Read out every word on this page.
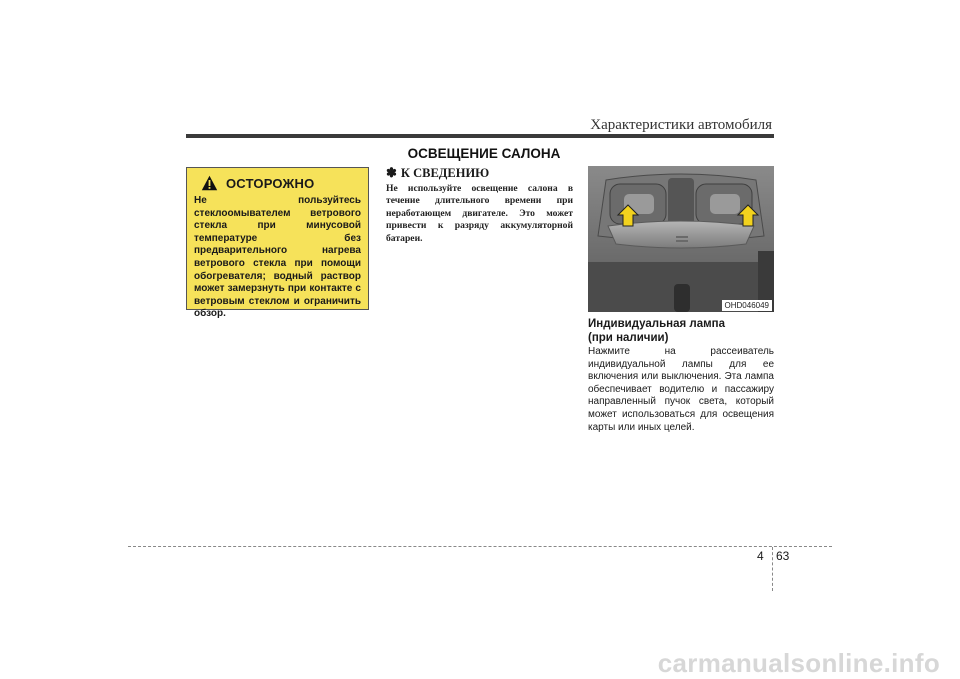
Характеристики автомобиля
ОСВЕЩЕНИЕ САЛОНА
ОСТОРОЖНО
Не пользуйтесь стеклоомывателем ветрового стекла при минусовой температуре без предварительного нагрева ветрового стекла при помощи обогревателя; водный раствор может замерзнуть при контакте с ветровым стеклом и ограничить обзор.
✽ К СВЕДЕНИЮ
Не используйте освещение салона в течение длительного времени при неработающем двигателе. Это может привести к разряду аккумуляторной батареи.
OHD046049
Индивидуальная лампа
(при наличии)
Нажмите на рассеиватель индивидуальной лампы для ее включения или выключения. Эта лампа обеспечивает водителю и пассажиру направленный пучок света, который может использоваться для освещения карты или иных целей.
4 63
carmanualsonline.info
